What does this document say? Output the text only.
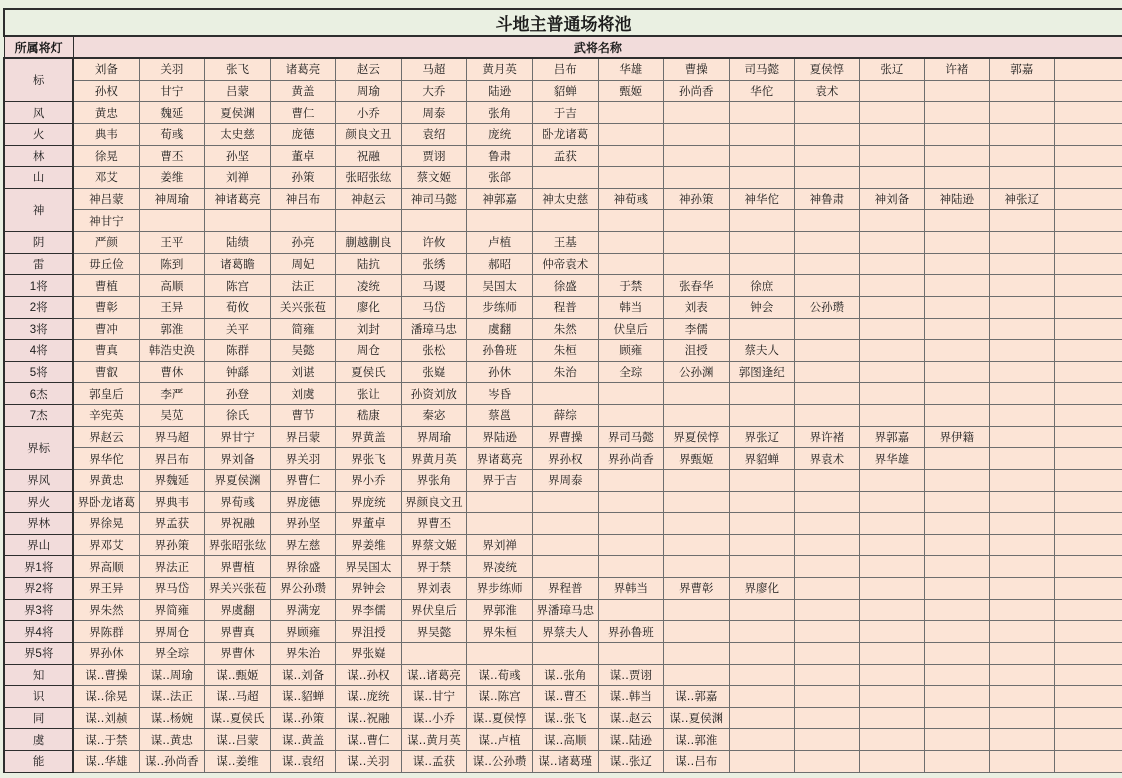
斗地主普通场将池																
所属将灯	武将名称															
标	刘备	关羽	张飞	诸葛亮	赵云	马超	黄月英	吕布	华雄	曹操	司马懿	夏侯惇	张辽	许褚	郭嘉	
	孙权	甘宁	吕蒙	黄盖	周瑜	大乔	陆逊	貂蝉	甄姬	孙尚香	华佗	袁术				
风	黄忠	魏延	夏侯渊	曹仁	小乔	周泰	张角	于吉								
火	典韦	荀彧	太史慈	庞德	颜良文丑	袁绍	庞统	卧龙诸葛								
林	徐晃	曹丕	孙坚	董卓	祝融	贾诩	鲁肃	孟获								
山	邓艾	姜维	刘禅	孙策	张昭张纮	蔡文姬	张郃									
神	神吕蒙	神周瑜	神诸葛亮	神吕布	神赵云	神司马懿	神郭嘉	神太史慈	神荀彧	神孙策	神华佗	神鲁肃	神刘备	神陆逊	神张辽	
	神甘宁															
阴	严颜	王平	陆绩	孙亮	蒯越蒯良	许攸	卢植	王基								
雷	毋丘俭	陈到	诸葛瞻	周妃	陆抗	张绣	郝昭	仲帝袁术								
1将	曹植	高顺	陈宫	法正	凌统	马谡	吴国太	徐盛	于禁	张春华	徐庶					
2将	曹彰	王异	荀攸	关兴张苞	廖化	马岱	步练师	程普	韩当	刘表	钟会	公孙瓒				
3将	曹冲	郭淮	关平	简雍	刘封	潘璋马忠	虞翻	朱然	伏皇后	李儒						
4将	曹真	韩浩史涣	陈群	吴懿	周仓	张松	孙鲁班	朱桓	顾雍	沮授	蔡夫人					
5将	曹叡	曹休	钟繇	刘谌	夏侯氏	张嶷	孙休	朱治	全琮	公孙渊	郭图逢纪					
6杰	郭皇后	李严	孙登	刘虞	张让	孙资刘放	岑昏									
7杰	辛宪英	吴苋	徐氏	曹节	嵇康	秦宓	蔡邕	薛综								
界标	界赵云	界马超	界甘宁	界吕蒙	界黄盖	界周瑜	界陆逊	界曹操	界司马懿	界夏侯惇	界张辽	界许褚	界郭嘉	界伊籍		
	界华佗	界吕布	界刘备	界关羽	界张飞	界黄月英	界诸葛亮	界孙权	界孙尚香	界甄姬	界貂蝉	界袁术	界华雄			
界风	界黄忠	界魏延	界夏侯渊	界曹仁	界小乔	界张角	界于吉	界周泰								
界火	界卧龙诸葛	界典韦	界荀彧	界庞德	界庞统	界颜良文丑										
界林	界徐晃	界孟获	界祝融	界孙坚	界董卓	界曹丕										
界山	界邓艾	界孙策	界张昭张纮	界左慈	界姜维	界蔡文姬	界刘禅									
界1将	界高顺	界法正	界曹植	界徐盛	界吴国太	界于禁	界凌统									
界2将	界王异	界马岱	界关兴张苞	界公孙瓒	界钟会	界刘表	界步练师	界程普	界韩当	界曹彰	界廖化					
界3将	界朱然	界简雍	界虞翻	界满宠	界李儒	界伏皇后	界郭淮	界潘璋马忠								
界4将	界陈群	界周仓	界曹真	界顾雍	界沮授	界吴懿	界朱桓	界蔡夫人	界孙鲁班							
界5将	界孙休	界全琮	界曹休	界朱治	界张嶷											
知	谋‥曹操	谋‥周瑜	谋‥甄姬	谋‥刘备	谋‥孙权	谋‥诸葛亮	谋‥荀彧	谋‥张角	谋‥贾诩							
识	谋‥徐晃	谋‥法正	谋‥马超	谋‥貂蝉	谋‥庞统	谋‥甘宁	谋‥陈宫	谋‥曹丕	谋‥韩当	谋‥郭嘉						
同	谋‥刘赪	谋‥杨婉	谋‥夏侯氏	谋‥孙策	谋‥祝融	谋‥小乔	谋‥夏侯惇	谋‥张飞	谋‥赵云	谋‥夏侯渊						
虞	谋‥于禁	谋‥黄忠	谋‥吕蒙	谋‥黄盖	谋‥曹仁	谋‥黄月英	谋‥卢植	谋‥高顺	谋‥陆逊	谋‥郭淮						
能	谋‥华雄	谋‥孙尚香	谋‥姜维	谋‥袁绍	谋‥关羽	谋‥孟获	谋‥公孙瓒	谋‥诸葛瑾	谋‥张辽	谋‥吕布						
